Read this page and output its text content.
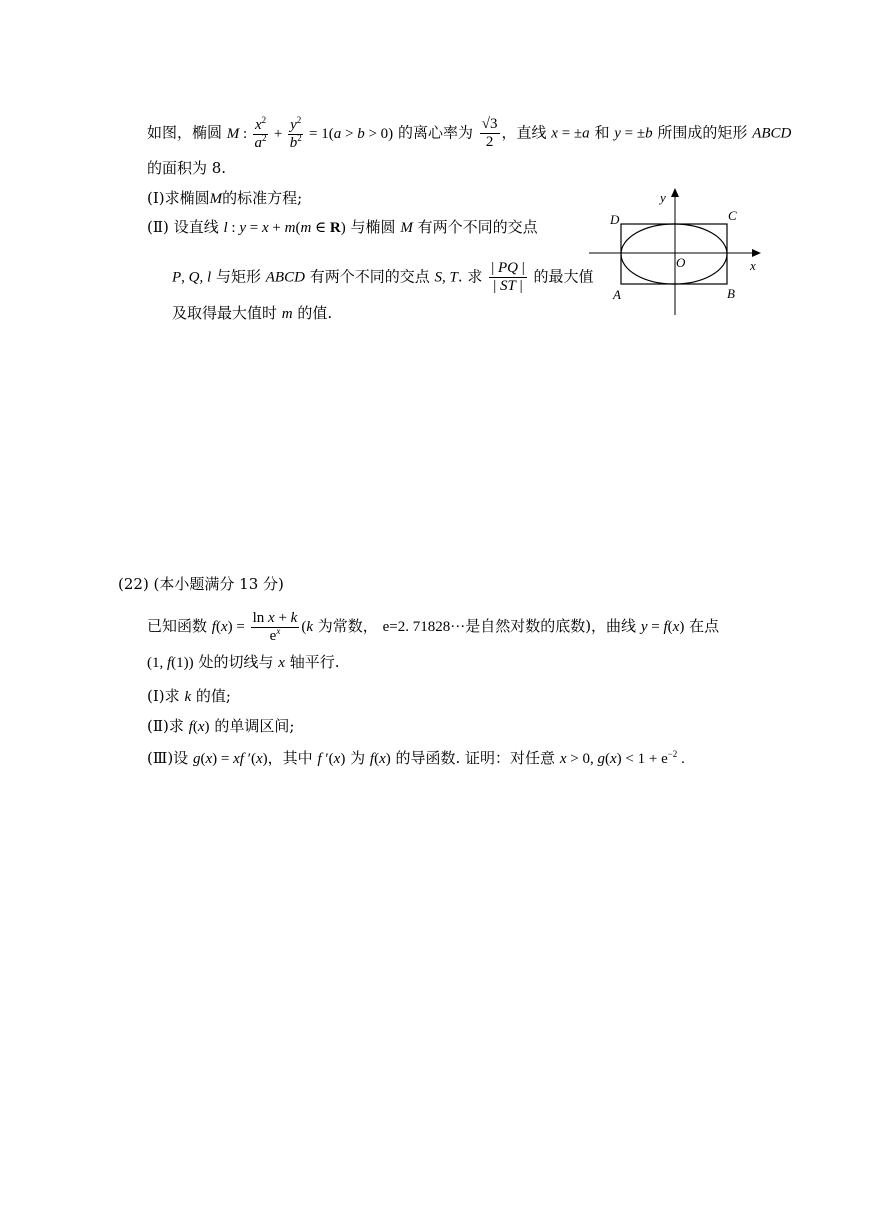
如图，椭圆 M : $\frac{x^2}{a^2} + \frac{y^2}{b^2} = 1(a > b > 0)$ 的离心率为 $\frac{√3}{2}$ ，直线 x = ±a 和 y = ±b 所围成的矩形 ABCD
的面积为 8.
(Ⅰ)求椭圆M的标准方程;
(Ⅱ) 设直线 l : y = x + m(m ∈ R) 与椭圆 M 有两个不同的交点
P, Q, l 与矩形 ABCD 有两个不同的交点 S, T. 求 $\frac{| PQ |}{| ST |}$ 的最大值
及取得最大值时 m 的值.
D	C
A	B
O	x
y
(22) (本小题满分 13 分)
已知函数 $f(x) = \frac{\text{ln x + k}}{e^x} (k$ 为常数， e=2. 71828···是自然对数的底数)，曲线 y = f(x) 在点
(1, f(1)) 处的切线与 x 轴平行.
(Ⅰ)求 k 的值;
(Ⅱ)求 f(x) 的单调区间;
(Ⅲ)设 g(x) = xf ′(x)，其中 f ′(x) 为 f(x) 的导函数. 证明：对任意 x > 0, $g(x) < 1 + e^{-2}$ .
